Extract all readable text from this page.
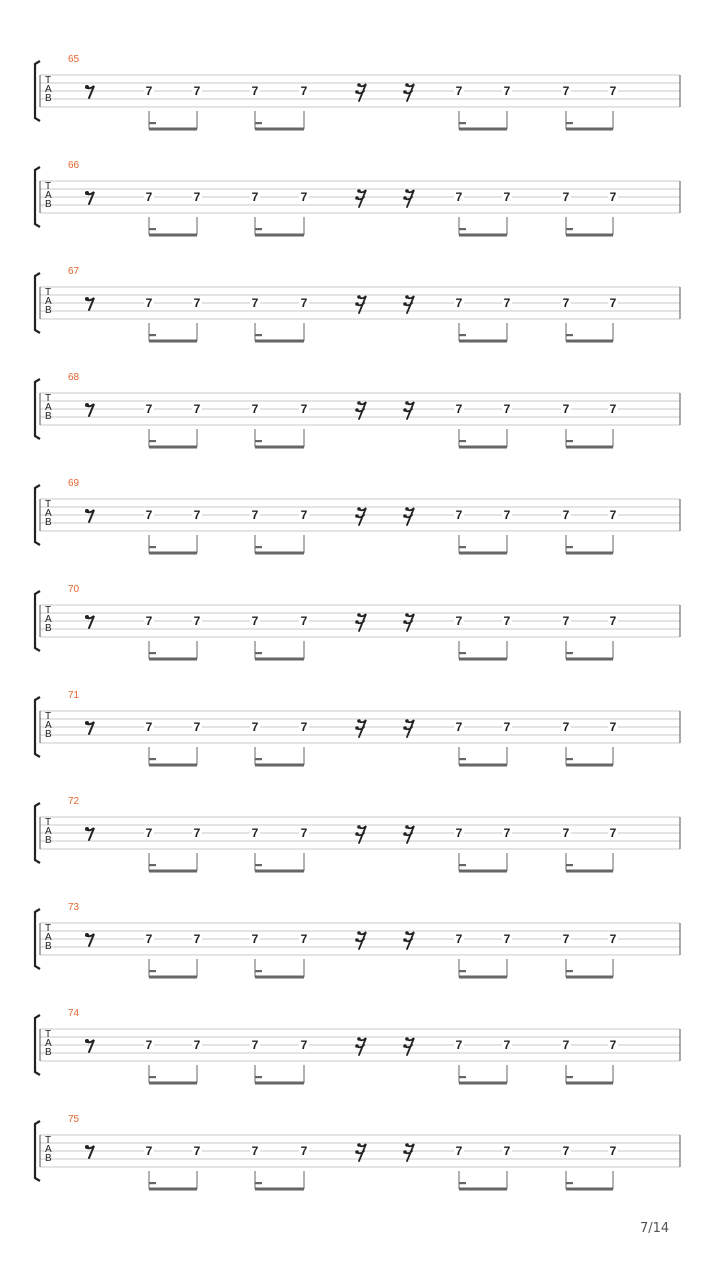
65
T
A
B
7	7	7	7	7	7	7	7
66
T
A
B
7	7	7	7	7	7	7	7
67
T
A
B
7	7	7	7	7	7	7	7
68
T
A
B
7	7	7	7	7	7	7	7
69
T
A
B
7	7	7	7	7	7	7	7
70
T
A
B
7	7	7	7	7	7	7	7
71
T
A
B
7	7	7	7	7	7	7	7
72
T
A
B
7	7	7	7	7	7	7	7
73
T
A
B
7	7	7	7	7	7	7	7
74
T
A
B
7	7	7	7	7	7	7	7
75
T
A
B
7	7	7	7	7	7	7	7
7/14
